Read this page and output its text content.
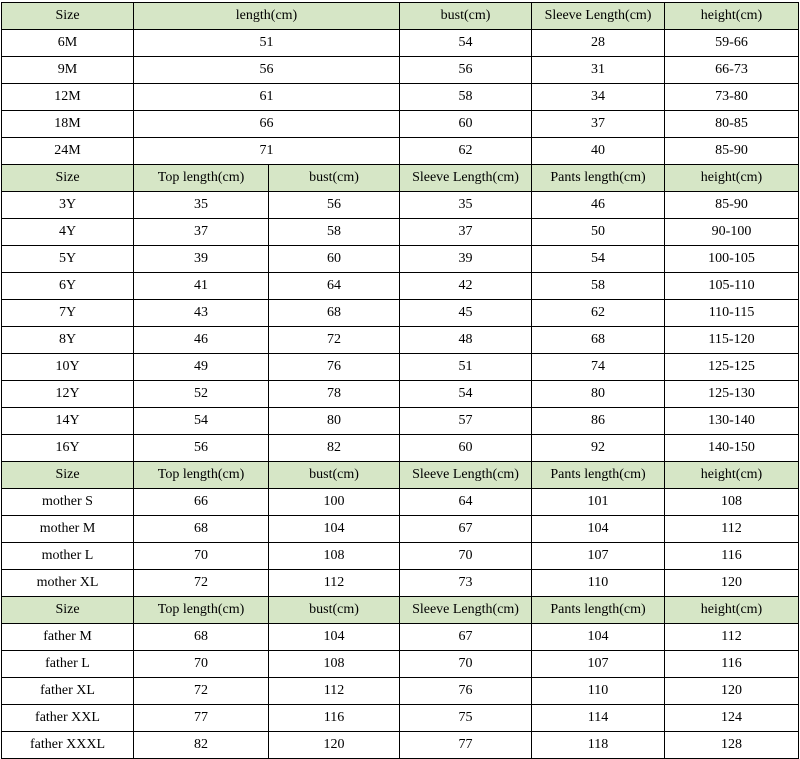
Size	length(cm)		bust(cm)	Sleeve Length(cm)	height(cm)
6M	51		54	28	59-66
9M	56		56	31	66-73
12M	61		58	34	73-80
18M	66		60	37	80-85
24M	71		62	40	85-90
Size	Top length(cm)	bust(cm)	Sleeve Length(cm)	Pants length(cm)	height(cm)
3Y	35	56	35	46	85-90
4Y	37	58	37	50	90-100
5Y	39	60	39	54	100-105
6Y	41	64	42	58	105-110
7Y	43	68	45	62	110-115
8Y	46	72	48	68	115-120
10Y	49	76	51	74	125-125
12Y	52	78	54	80	125-130
14Y	54	80	57	86	130-140
16Y	56	82	60	92	140-150
Size	Top length(cm)	bust(cm)	Sleeve Length(cm)	Pants length(cm)	height(cm)
mother S	66	100	64	101	108
mother M	68	104	67	104	112
mother L	70	108	70	107	116
mother XL	72	112	73	110	120
Size	Top length(cm)	bust(cm)	Sleeve Length(cm)	Pants length(cm)	height(cm)
father M	68	104	67	104	112
father L	70	108	70	107	116
father XL	72	112	76	110	120
father XXL	77	116	75	114	124
father XXXL	82	120	77	118	128
